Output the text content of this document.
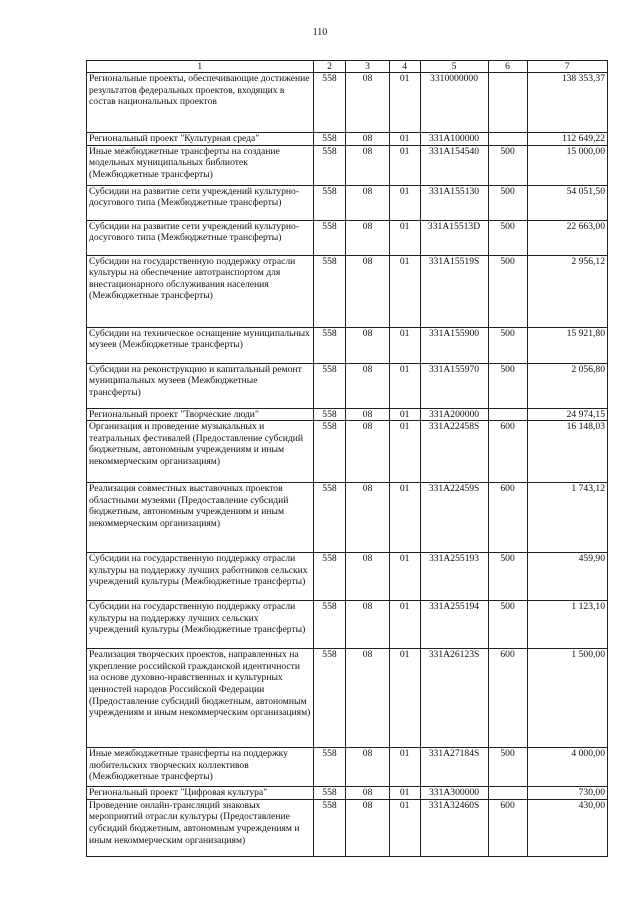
110
1	2	3	4	5	6	7
Региональные проекты, обеспечивающие достижение результатов федеральных проектов, входящих в состав национальных проектов	558	08	01	3310000000		138 353,37
Региональный проект "Культурная среда"	558	08	01	331A100000		112 649,22
Иные межбюджетные трансферты на создание модельных муниципальных библиотек (Межбюджетные трансферты)	558	08	01	331A154540	500	15 000,00
Субсидии на развитие сети учреждений культурно-досугового типа (Межбюджетные трансферты)	558	08	01	331A155130	500	54 051,50
Субсидии на развитие сети учреждений культурно-досугового типа (Межбюджетные трансферты)	558	08	01	331A15513D	500	22 663,00
Субсидии на государственную поддержку отрасли культуры на обеспечение автотранспортом для внестационарного обслуживания населения (Межбюджетные трансферты)	558	08	01	331A15519S	500	2 956,12
Субсидии на техническое оснащение муниципальных музеев (Межбюджетные трансферты)	558	08	01	331A155900	500	15 921,80
Субсидии на реконструкцию и капитальный ремонт муниципальных музеев (Межбюджетные трансферты)	558	08	01	331A155970	500	2 056,80
Региональный проект "Творческие люди"	558	08	01	331A200000		24 974,15
Организация и проведение музыкальных и театральных фестивалей (Предоставление субсидий бюджетным, автономным учреждениям и иным некоммерческим организациям)	558	08	01	331A22458S	600	16 148,03
Реализация совместных выставочных проектов областными музеями (Предоставление субсидий бюджетным, автономным учреждениям и иным некоммерческим организациям)	558	08	01	331A22459S	600	1 743,12
Субсидии на государственную поддержку отрасли культуры на поддержку лучших работников сельских учреждений культуры (Межбюджетные трансферты)	558	08	01	331A255193	500	459,90
Субсидии на государственную поддержку отрасли культуры на поддержку лучших сельских учреждений культуры (Межбюджетные трансферты)	558	08	01	331A255194	500	1 123,10
Реализация творческих проектов, направленных на укрепление российской гражданской идентичности на основе духовно-нравственных и культурных ценностей народов Российской Федерации (Предоставление субсидий бюджетным, автономным учреждениям и иным некоммерческим организациям)	558	08	01	331A26123S	600	1 500,00
Иные межбюджетные трансферты на поддержку любительских творческих коллективов (Межбюджетные трансферты)	558	08	01	331A27184S	500	4 000,00
Региональный проект "Цифровая культура"	558	08	01	331A300000		730,00
Проведение онлайн-трансляций знаковых мероприятий отрасли культуры (Предоставление субсидий бюджетным, автономным учреждениям и иным некоммерческим организациям)	558	08	01	331A32460S	600	430,00
